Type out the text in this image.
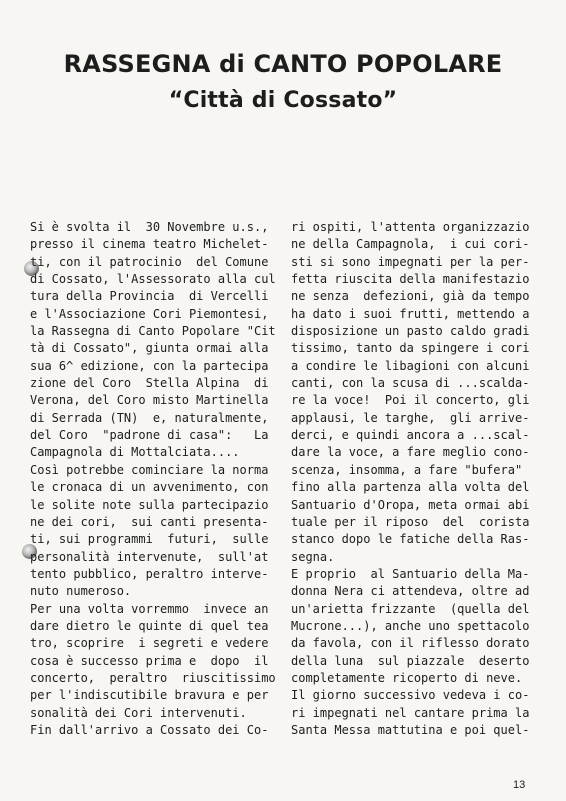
RASSEGNA di CANTO POPOLARE
“Città di Cossato”
Si è svolta il  30 Novembre u.s.,
presso il cinema teatro Michelet-
ti, con il patrocinio  del Comune
di Cossato, l'Assessorato alla cul
tura della Provincia  di Vercelli
e l'Associazione Cori Piemontesi,
la Rassegna di Canto Popolare "Cit
tà di Cossato", giunta ormai alla
sua 6^ edizione, con la partecipa
zione del Coro  Stella Alpina  di
Verona, del Coro misto Martinella
di Serrada (TN)  e, naturalmente,
del Coro  "padrone di casa":   La
Campagnola di Mottalciata....
Così potrebbe cominciare la norma
le cronaca di un avvenimento, con
le solite note sulla partecipazio
ne dei cori,  sui canti presenta-
ti, sui programmi  futuri,  sulle
personalità intervenute,  sull'at
tento pubblico, peraltro interve-
nuto numeroso.
Per una volta vorremmo  invece an
dare dietro le quinte di quel tea
tro, scoprire  i segreti e vedere
cosa è successo prima e  dopo  il
concerto,  peraltro  riuscitissimo
per l'indiscutibile bravura e per
sonalità dei Cori intervenuti.
Fin dall'arrivo a Cossato dei Co-
ri ospiti, l'attenta organizzazio
ne della Campagnola,  i cui cori-
sti si sono impegnati per la per-
fetta riuscita della manifestazio
ne senza  defezioni, già da tempo
ha dato i suoi frutti, mettendo a
disposizione un pasto caldo gradi
tissimo, tanto da spingere i cori
a condire le libagioni con alcuni
canti, con la scusa di ...scalda-
re la voce!  Poi il concerto, gli
applausi, le targhe,  gli arrive-
derci, e quindi ancora a ...scal-
dare la voce, a fare meglio cono-
scenza, insomma, a fare "bufera"
fino alla partenza alla volta del
Santuario d'Oropa, meta ormai abi
tuale per il riposo  del  corista
stanco dopo le fatiche della Ras-
segna.
E proprio  al Santuario della Ma-
donna Nera ci attendeva, oltre ad
un'arietta frizzante  (quella del
Mucrone...), anche uno spettacolo
da favola, con il riflesso dorato
della luna  sul piazzale  deserto
completamente ricoperto di neve.
Il giorno successivo vedeva i co-
ri impegnati nel cantare prima la
Santa Messa mattutina e poi quel-
13
